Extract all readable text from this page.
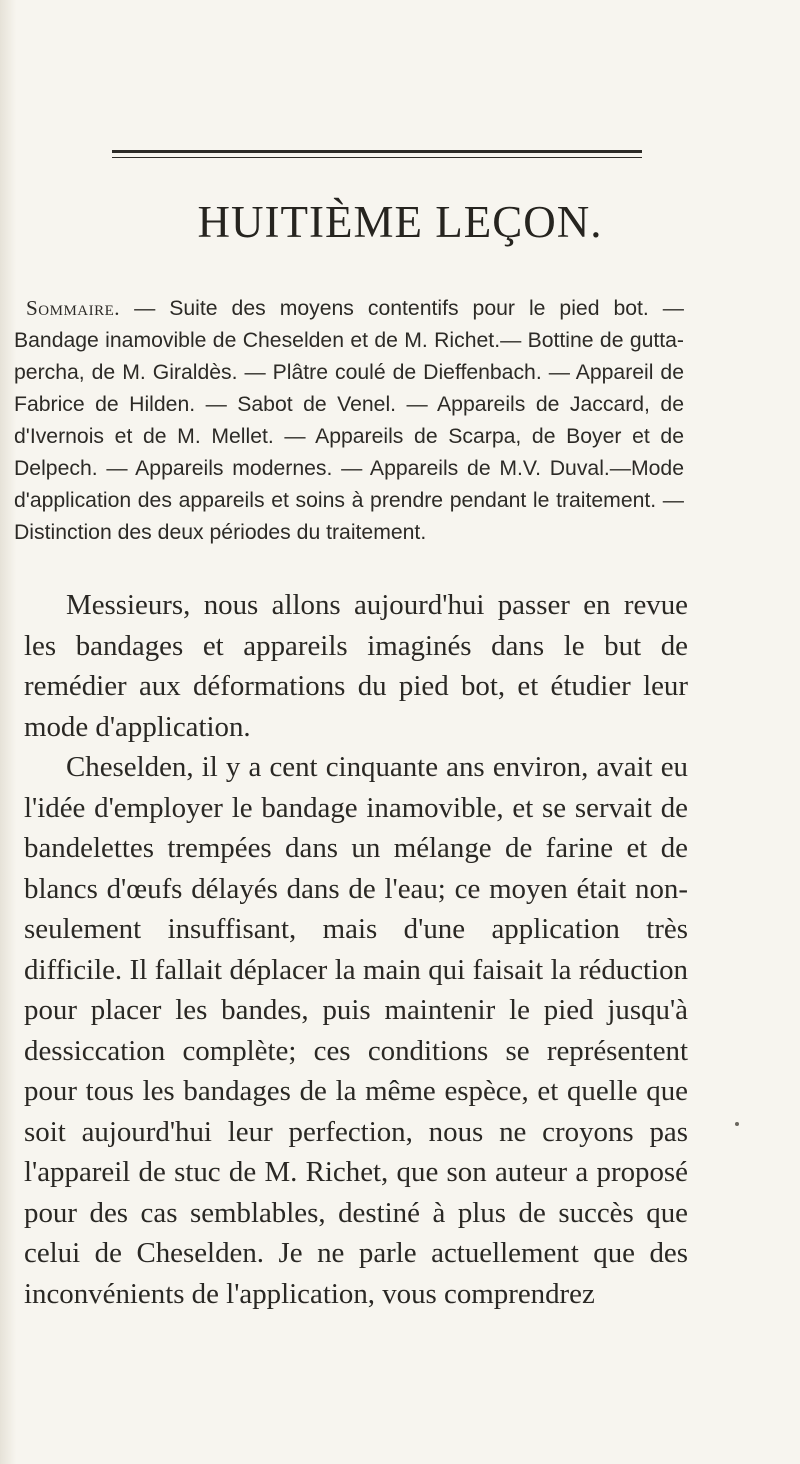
HUITIÈME LEÇON.
Sommaire. — Suite des moyens contentifs pour le pied bot. — Bandage inamovible de Cheselden et de M. Richet.— Bottine de gutta-percha, de M. Giraldès. — Plâtre coulé de Dieffenbach. — Appareil de Fabrice de Hilden. — Sabot de Venel. — Appareils de Jaccard, de d'Ivernois et de M. Mellet. — Appareils de Scarpa, de Boyer et de Delpech. — Appareils modernes. — Appareils de M.V. Duval.—Mode d'application des appareils et soins à prendre pendant le traitement. — Distinction des deux périodes du traitement.
Messieurs, nous allons aujourd'hui passer en revue les bandages et appareils imaginés dans le but de remédier aux déformations du pied bot, et étudier leur mode d'application.
Cheselden, il y a cent cinquante ans environ, avait eu l'idée d'employer le bandage inamovible, et se servait de bandelettes trempées dans un mélange de farine et de blancs d'œufs délayés dans de l'eau; ce moyen était non-seulement insuffisant, mais d'une application très difficile. Il fallait déplacer la main qui faisait la réduction pour placer les bandes, puis maintenir le pied jusqu'à dessiccation complète; ces conditions se représentent pour tous les bandages de la même espèce, et quelle que soit aujourd'hui leur perfection, nous ne croyons pas l'appareil de stuc de M. Richet, que son auteur a proposé pour des cas semblables, destiné à plus de succès que celui de Cheselden. Je ne parle actuellement que des inconvénients de l'application, vous comprendrez
